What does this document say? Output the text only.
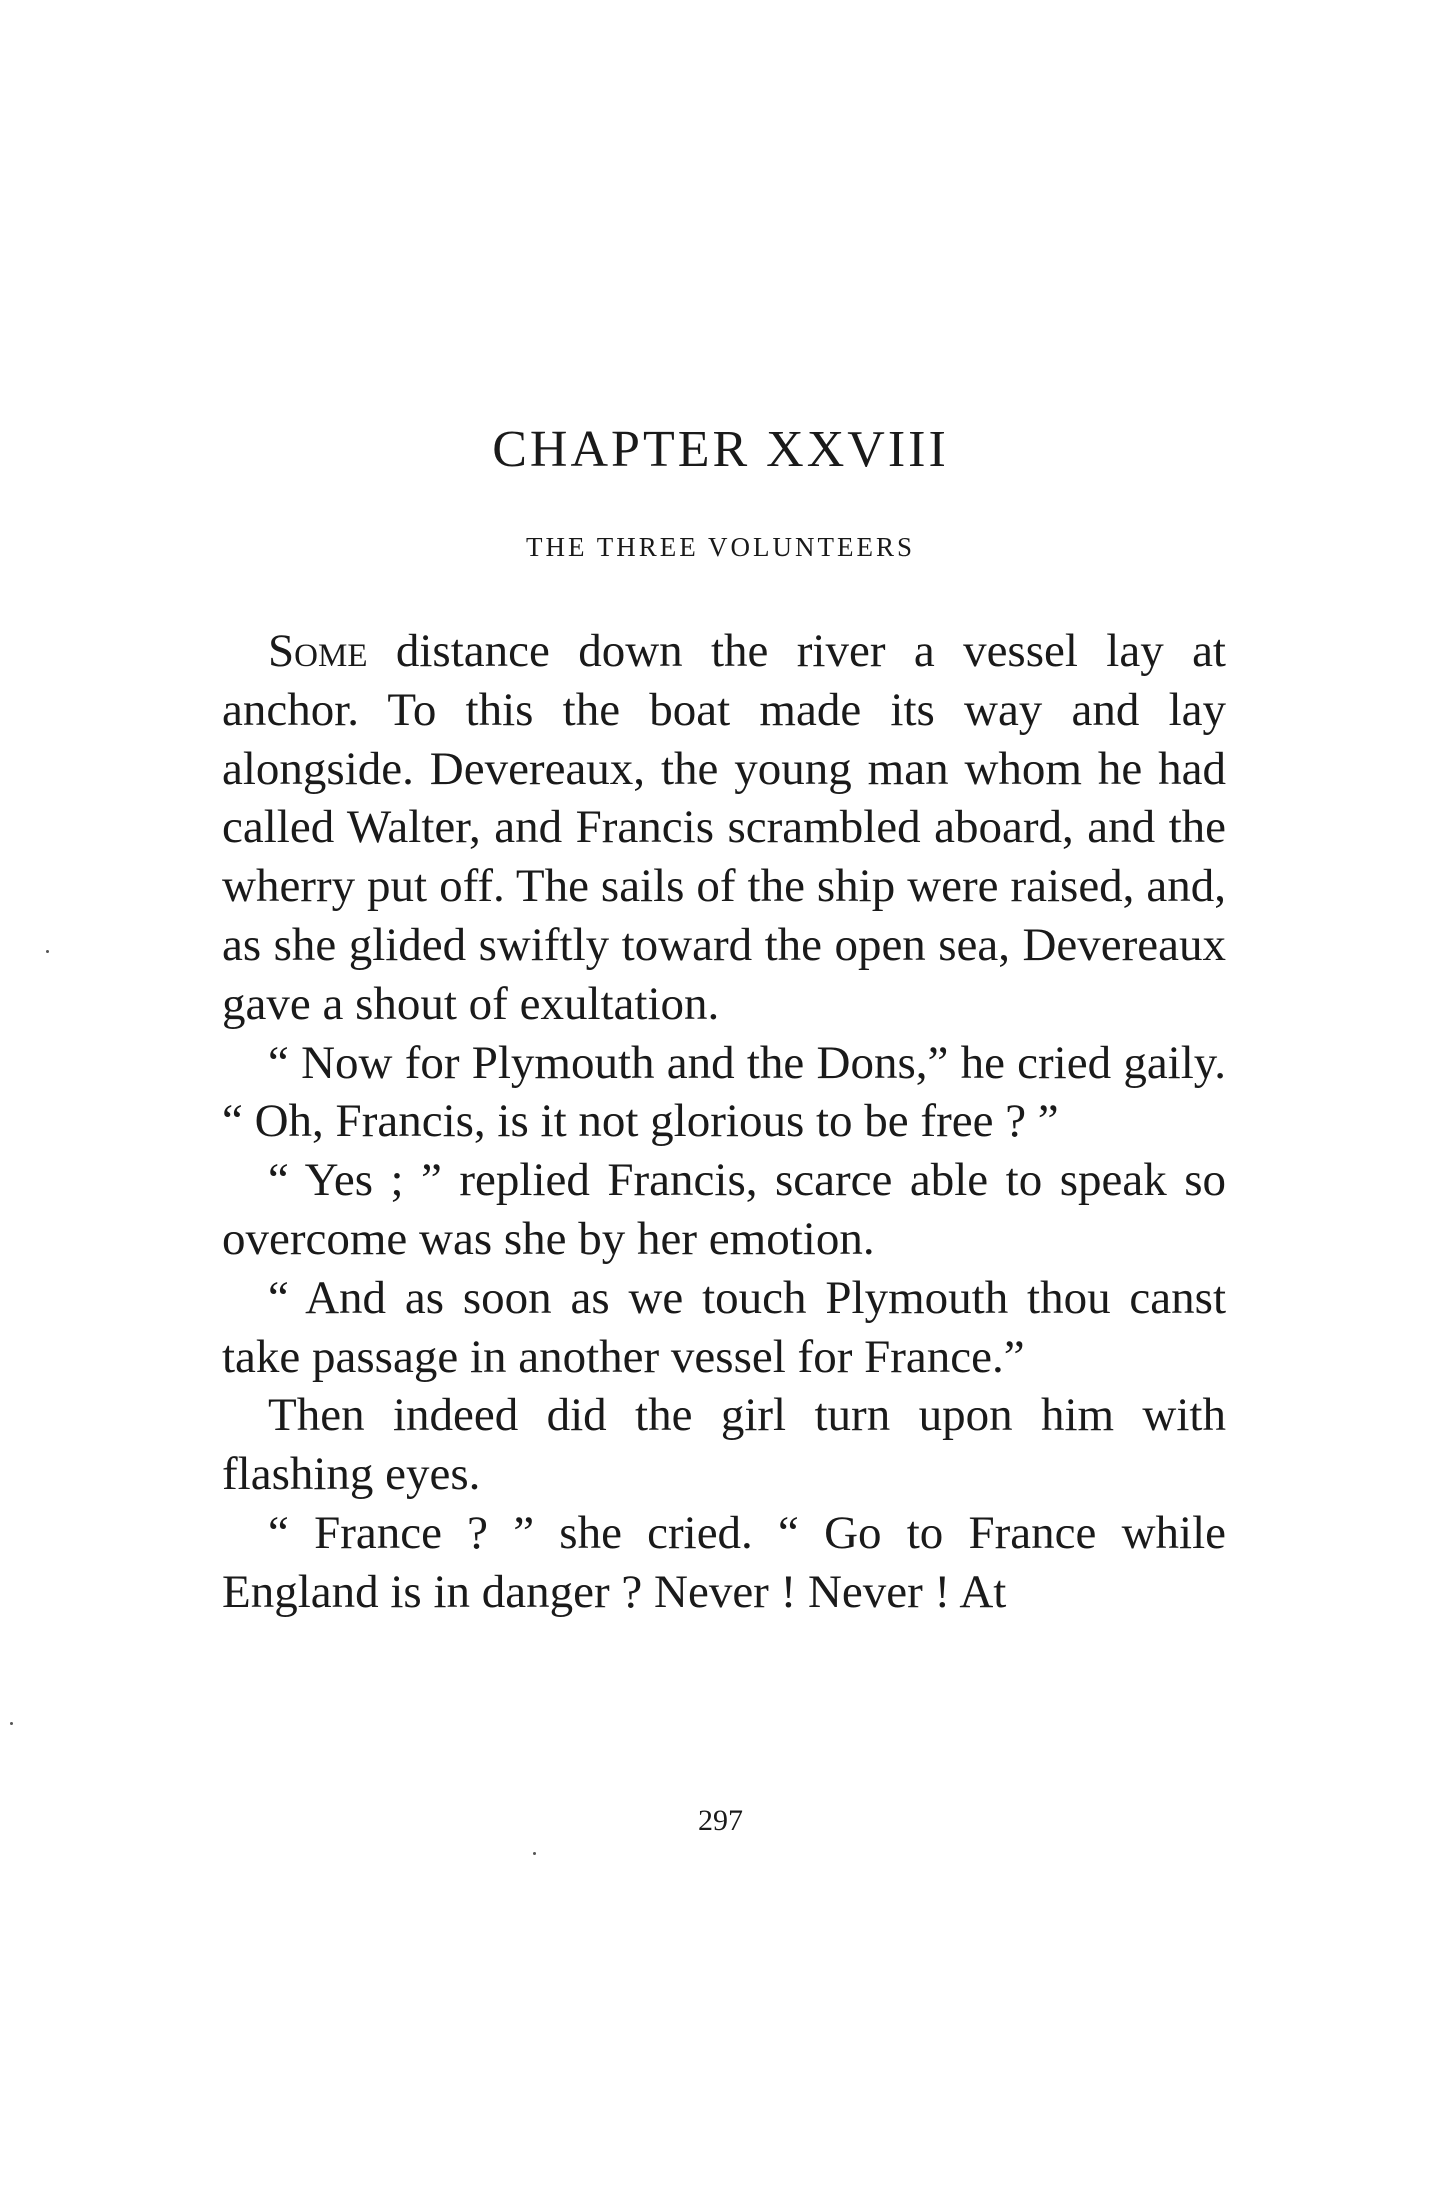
CHAPTER XXVIII
THE THREE VOLUNTEERS

Some distance down the river a vessel lay at anchor. To this the boat made its way and lay alongside. Devereaux, the young man whom he had called Walter, and Francis scrambled aboard, and the wherry put off. The sails of the ship were raised, and, as she glided swiftly toward the open sea, Devereaux gave a shout of exultation.

“ Now for Plymouth and the Dons,” he cried gaily. “ Oh, Francis, is it not glorious to be free ? ”

“ Yes ; ” replied Francis, scarce able to speak so overcome was she by her emotion.

“ And as soon as we touch Plymouth thou canst take passage in another vessel for France.”

Then indeed did the girl turn upon him with flashing eyes.

“ France ? ” she cried. “ Go to France while England is in danger ? Never ! Never ! At

297
